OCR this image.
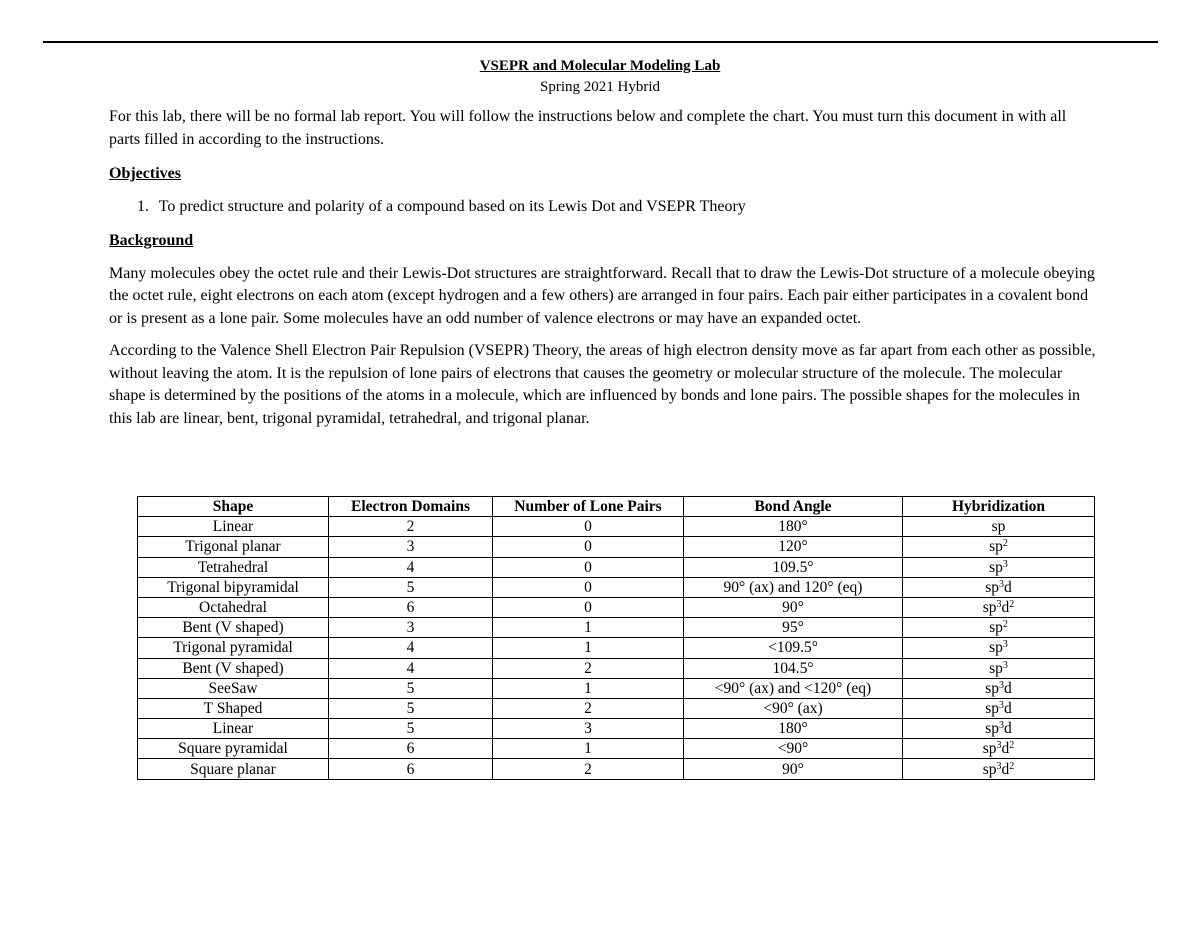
VSEPR and Molecular Modeling Lab
Spring 2021 Hybrid

For this lab, there will be no formal lab report. You will follow the instructions below and complete the chart. You must turn this document in with all parts filled in according to the instructions.

Objectives
1. To predict structure and polarity of a compound based on its Lewis Dot and VSEPR Theory
Background

Many molecules obey the octet rule and their Lewis-Dot structures are straightforward. Recall that to draw the Lewis-Dot structure of a molecule obeying the octet rule, eight electrons on each atom (except hydrogen and a few others) are arranged in four pairs. Each pair either participates in a covalent bond or is present as a lone pair. Some molecules have an odd number of valence electrons or may have an expanded octet.

According to the Valence Shell Electron Pair Repulsion (VSEPR) Theory, the areas of high electron density move as far apart from each other as possible, without leaving the atom. It is the repulsion of lone pairs of electrons that causes the geometry or molecular structure of the molecule. The molecular shape is determined by the positions of the atoms in a molecule, which are influenced by bonds and lone pairs. The possible shapes for the molecules in this lab are linear, bent, trigonal pyramidal, tetrahedral, and trigonal planar.

Shape	Electron Domains	Number of Lone Pairs	Bond Angle	Hybridization
Linear	2	0	180°	sp
Trigonal planar	3	0	120°	$sp^2$
Tetrahedral	4	0	109.5°	$sp^3$
Trigonal bipyramidal	5	0	90° (ax) and 120° (eq)	$sp^3d$
Octahedral	6	0	90°	$sp^3d^2$
Bent (V shaped)	3	1	95°	$sp^2$
Trigonal pyramidal	4	1	<109.5°	$sp^3$
Bent (V shaped)	4	2	104.5°	$sp^3$
SeeSaw	5	1	<90° (ax) and <120° (eq)	$sp^3d$
T Shaped	5	2	<90° (ax)	$sp^3d$
Linear	5	3	180°	$sp^3d$
Square pyramidal	6	1	<90°	$sp^3d^2$
Square planar	6	2	90°	$sp^3d^2$
